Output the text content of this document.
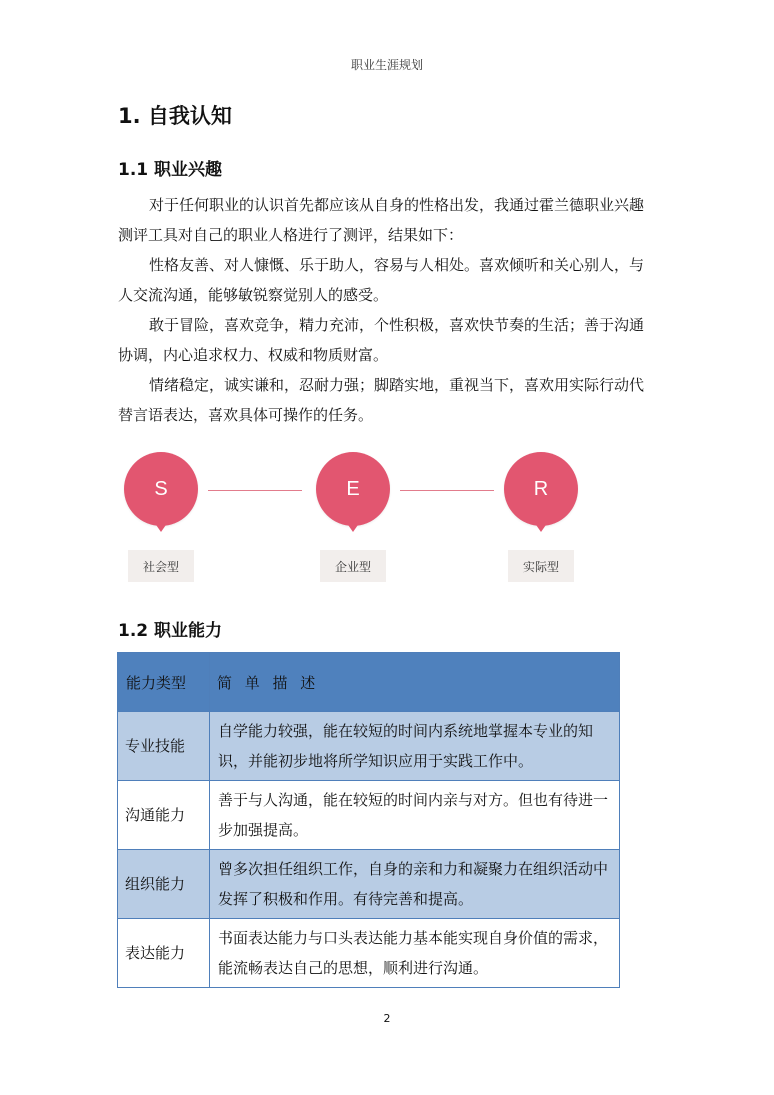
职业生涯规划
1. 自我认知
1.1 职业兴趣

对于任何职业的认识首先都应该从自身的性格出发，我通过霍兰德职业兴趣测评工具对自己的职业人格进行了测评，结果如下：

性格友善、对人慷慨、乐于助人，容易与人相处。喜欢倾听和关心别人，与人交流沟通，能够敏锐察觉别人的感受。

敢于冒险，喜欢竞争，精力充沛，个性积极，喜欢快节奏的生活；善于沟通协调，内心追求权力、权威和物质财富。

情绪稳定，诚实谦和，忍耐力强；脚踏实地，重视当下，喜欢用实际行动代替言语表达，喜欢具体可操作的任务。

S
社会型
E
企业型
R
实际型
1.2 职业能力
能力类型	简 单 描 述
专业技能	自学能力较强，能在较短的时间内系统地掌握本专业的知识，并能初步地将所学知识应用于实践工作中。
沟通能力	善于与人沟通，能在较短的时间内亲与对方。但也有待进一步加强提高。
组织能力	曾多次担任组织工作，自身的亲和力和凝聚力在组织活动中发挥了积极和作用。有待完善和提高。
表达能力	书面表达能力与口头表达能力基本能实现自身价值的需求，能流畅表达自己的思想，顺利进行沟通。
2
